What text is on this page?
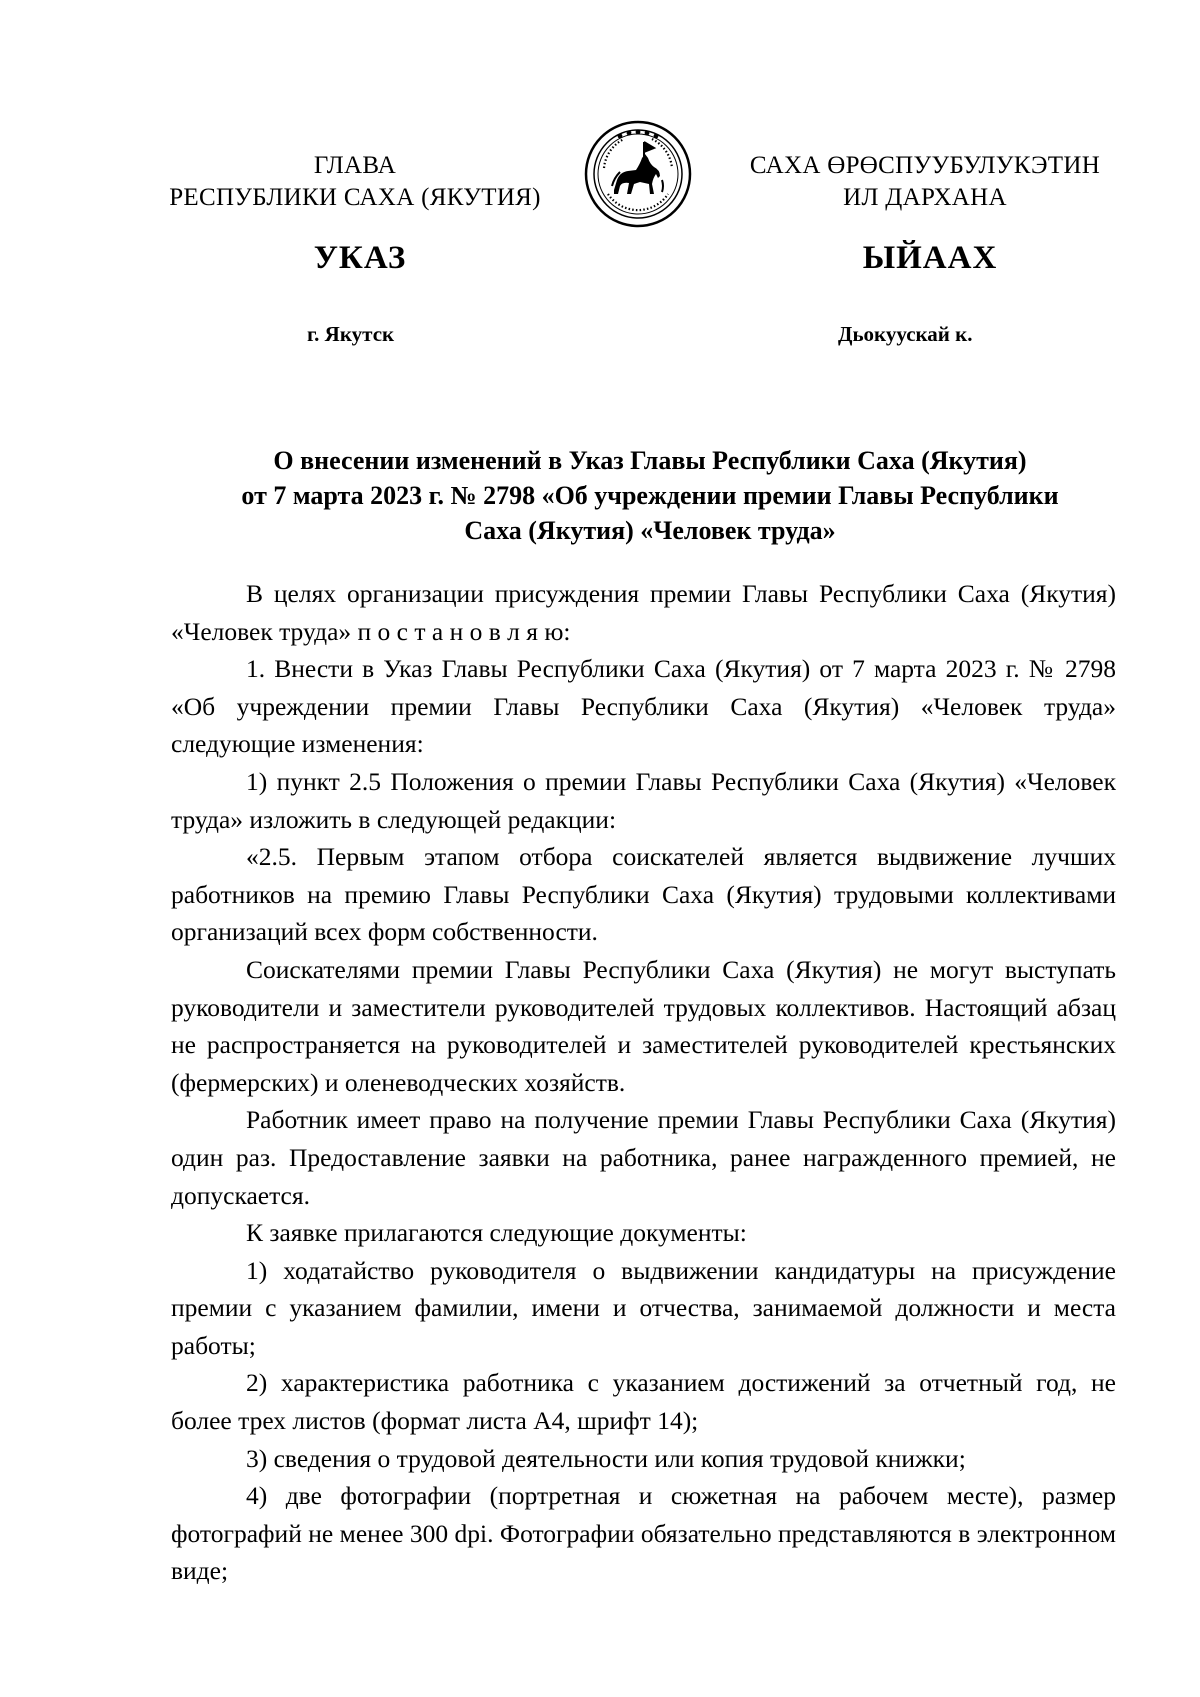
ГЛАВА
РЕСПУБЛИКИ САХА (ЯКУТИЯ)
САХА ӨРӨСПУУБУЛУКЭТИН
ИЛ ДАРХАНА
УКАЗ	ЫЙААХ
г. Якутск	Дьокуускай к.
О внесении изменений в Указ Главы Республики Саха (Якутия)
от 7 марта 2023 г. № 2798 «Об учреждении премии Главы Республики
Саха (Якутия) «Человек труда»

В целях организации присуждения премии Главы Республики Саха (Якутия) «Человек труда» п о с т а н о в л я ю:

1. Внести в Указ Главы Республики Саха (Якутия) от 7 марта 2023 г. № 2798 «Об учреждении премии Главы Республики Саха (Якутия) «Человек труда» следующие изменения:

1) пункт 2.5 Положения о премии Главы Республики Саха (Якутия) «Человек труда» изложить в следующей редакции:

«2.5. Первым этапом отбора соискателей является выдвижение лучших работников на премию Главы Республики Саха (Якутия) трудовыми коллективами организаций всех форм собственности.

Соискателями премии Главы Республики Саха (Якутия) не могут выступать руководители и заместители руководителей трудовых коллективов. Настоящий абзац не распространяется на руководителей и заместителей руководителей крестьянских (фермерских) и оленеводческих хозяйств.

Работник имеет право на получение премии Главы Республики Саха (Якутия) один раз. Предоставление заявки на работника, ранее награжденного премией, не допускается.

К заявке прилагаются следующие документы:

1) ходатайство руководителя о выдвижении кандидатуры на присуждение премии с указанием фамилии, имени и отчества, занимаемой должности и места работы;

2) характеристика работника с указанием достижений за отчетный год, не более трех листов (формат листа А4, шрифт 14);

3) сведения о трудовой деятельности или копия трудовой книжки;

4) две фотографии (портретная и сюжетная на рабочем месте), размер фотографий не менее 300 dpi. Фотографии обязательно представляются в электронном виде;
